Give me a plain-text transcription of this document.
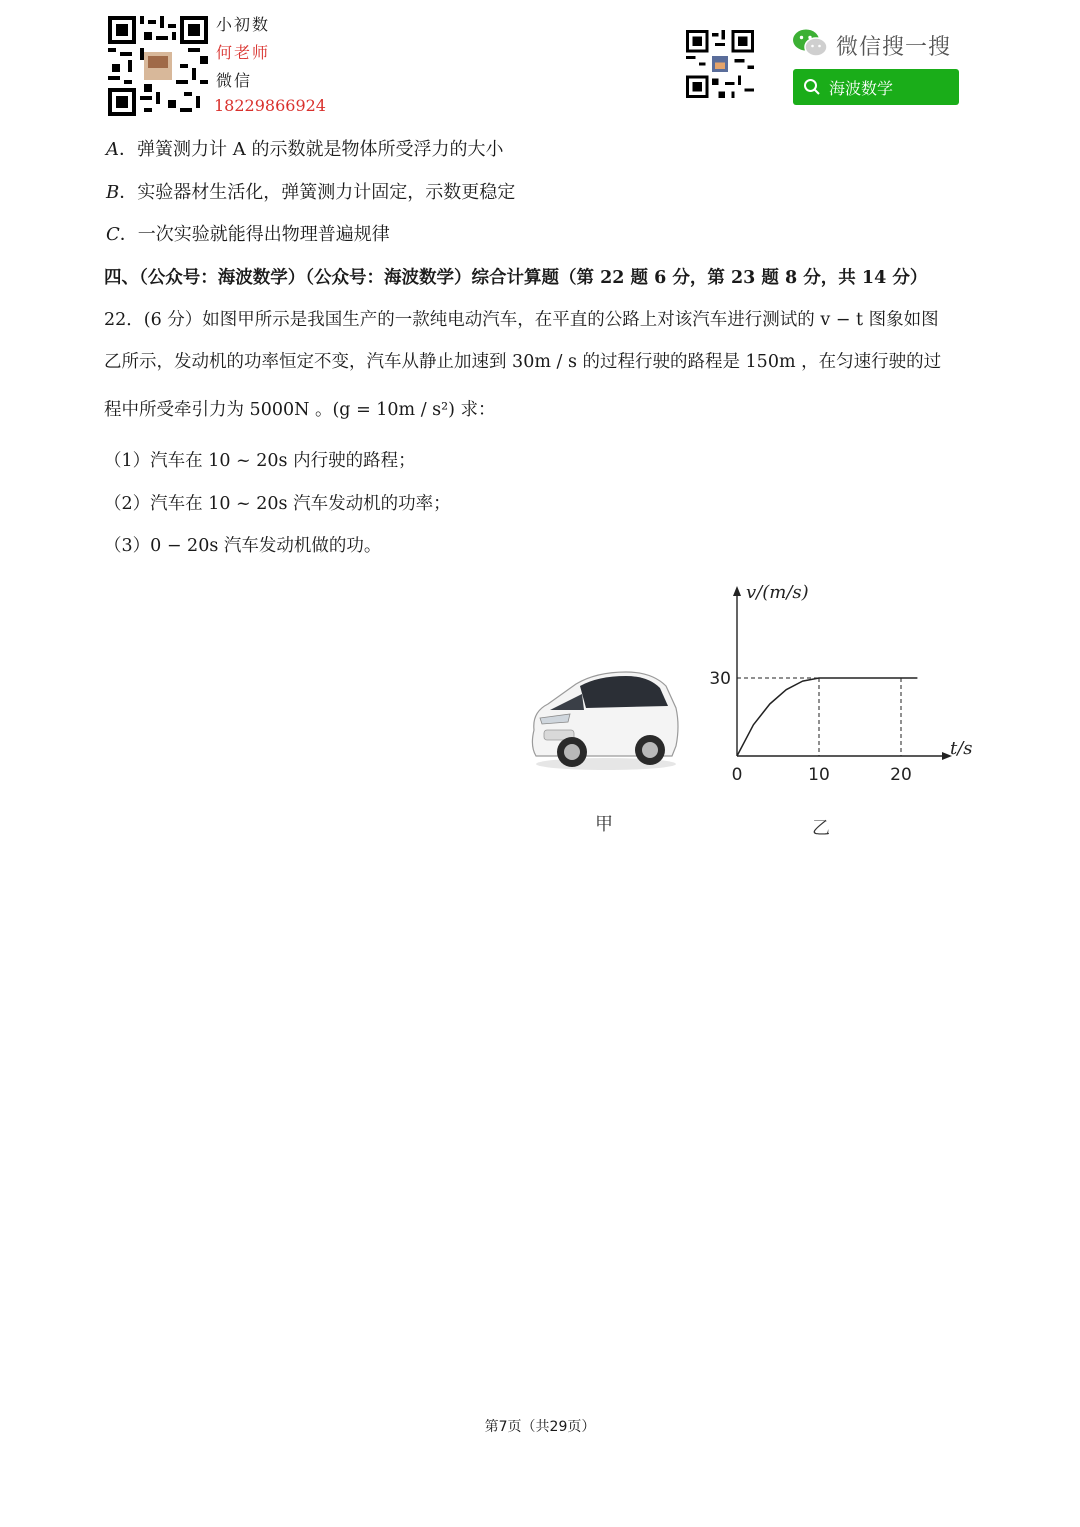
小初数
何老师
微信
18229866924
微信搜一搜
海波数学
A．弹簧测力计 A 的示数就是物体所受浮力的大小
B．实验器材生活化，弹簧测力计固定，示数更稳定
C．一次实验就能得出物理普遍规律
四、（公众号：海波数学）（公众号：海波数学）综合计算题（第 22 题 6 分，第 23 题 8 分，共 14 分）
22．(6 分）如图甲所示是我国生产的一款纯电动汽车，在平直的公路上对该汽车进行测试的 v − t 图象如图
乙所示，发动机的功率恒定不变，汽车从静止加速到 30m / s 的过程行驶的路程是 150m ，在匀速行驶的过
程中所受牵引力为 5000N 。(g = 10m / s²) 求：
（1）汽车在 10 ~ 20s 内行驶的路程；
（2）汽车在 10 ~ 20s 汽车发动机的功率；
（3）0 − 20s 汽车发动机做的功。
v/(m/s)
t/s
0	10	20
30
甲	乙
第7页（共29页）
